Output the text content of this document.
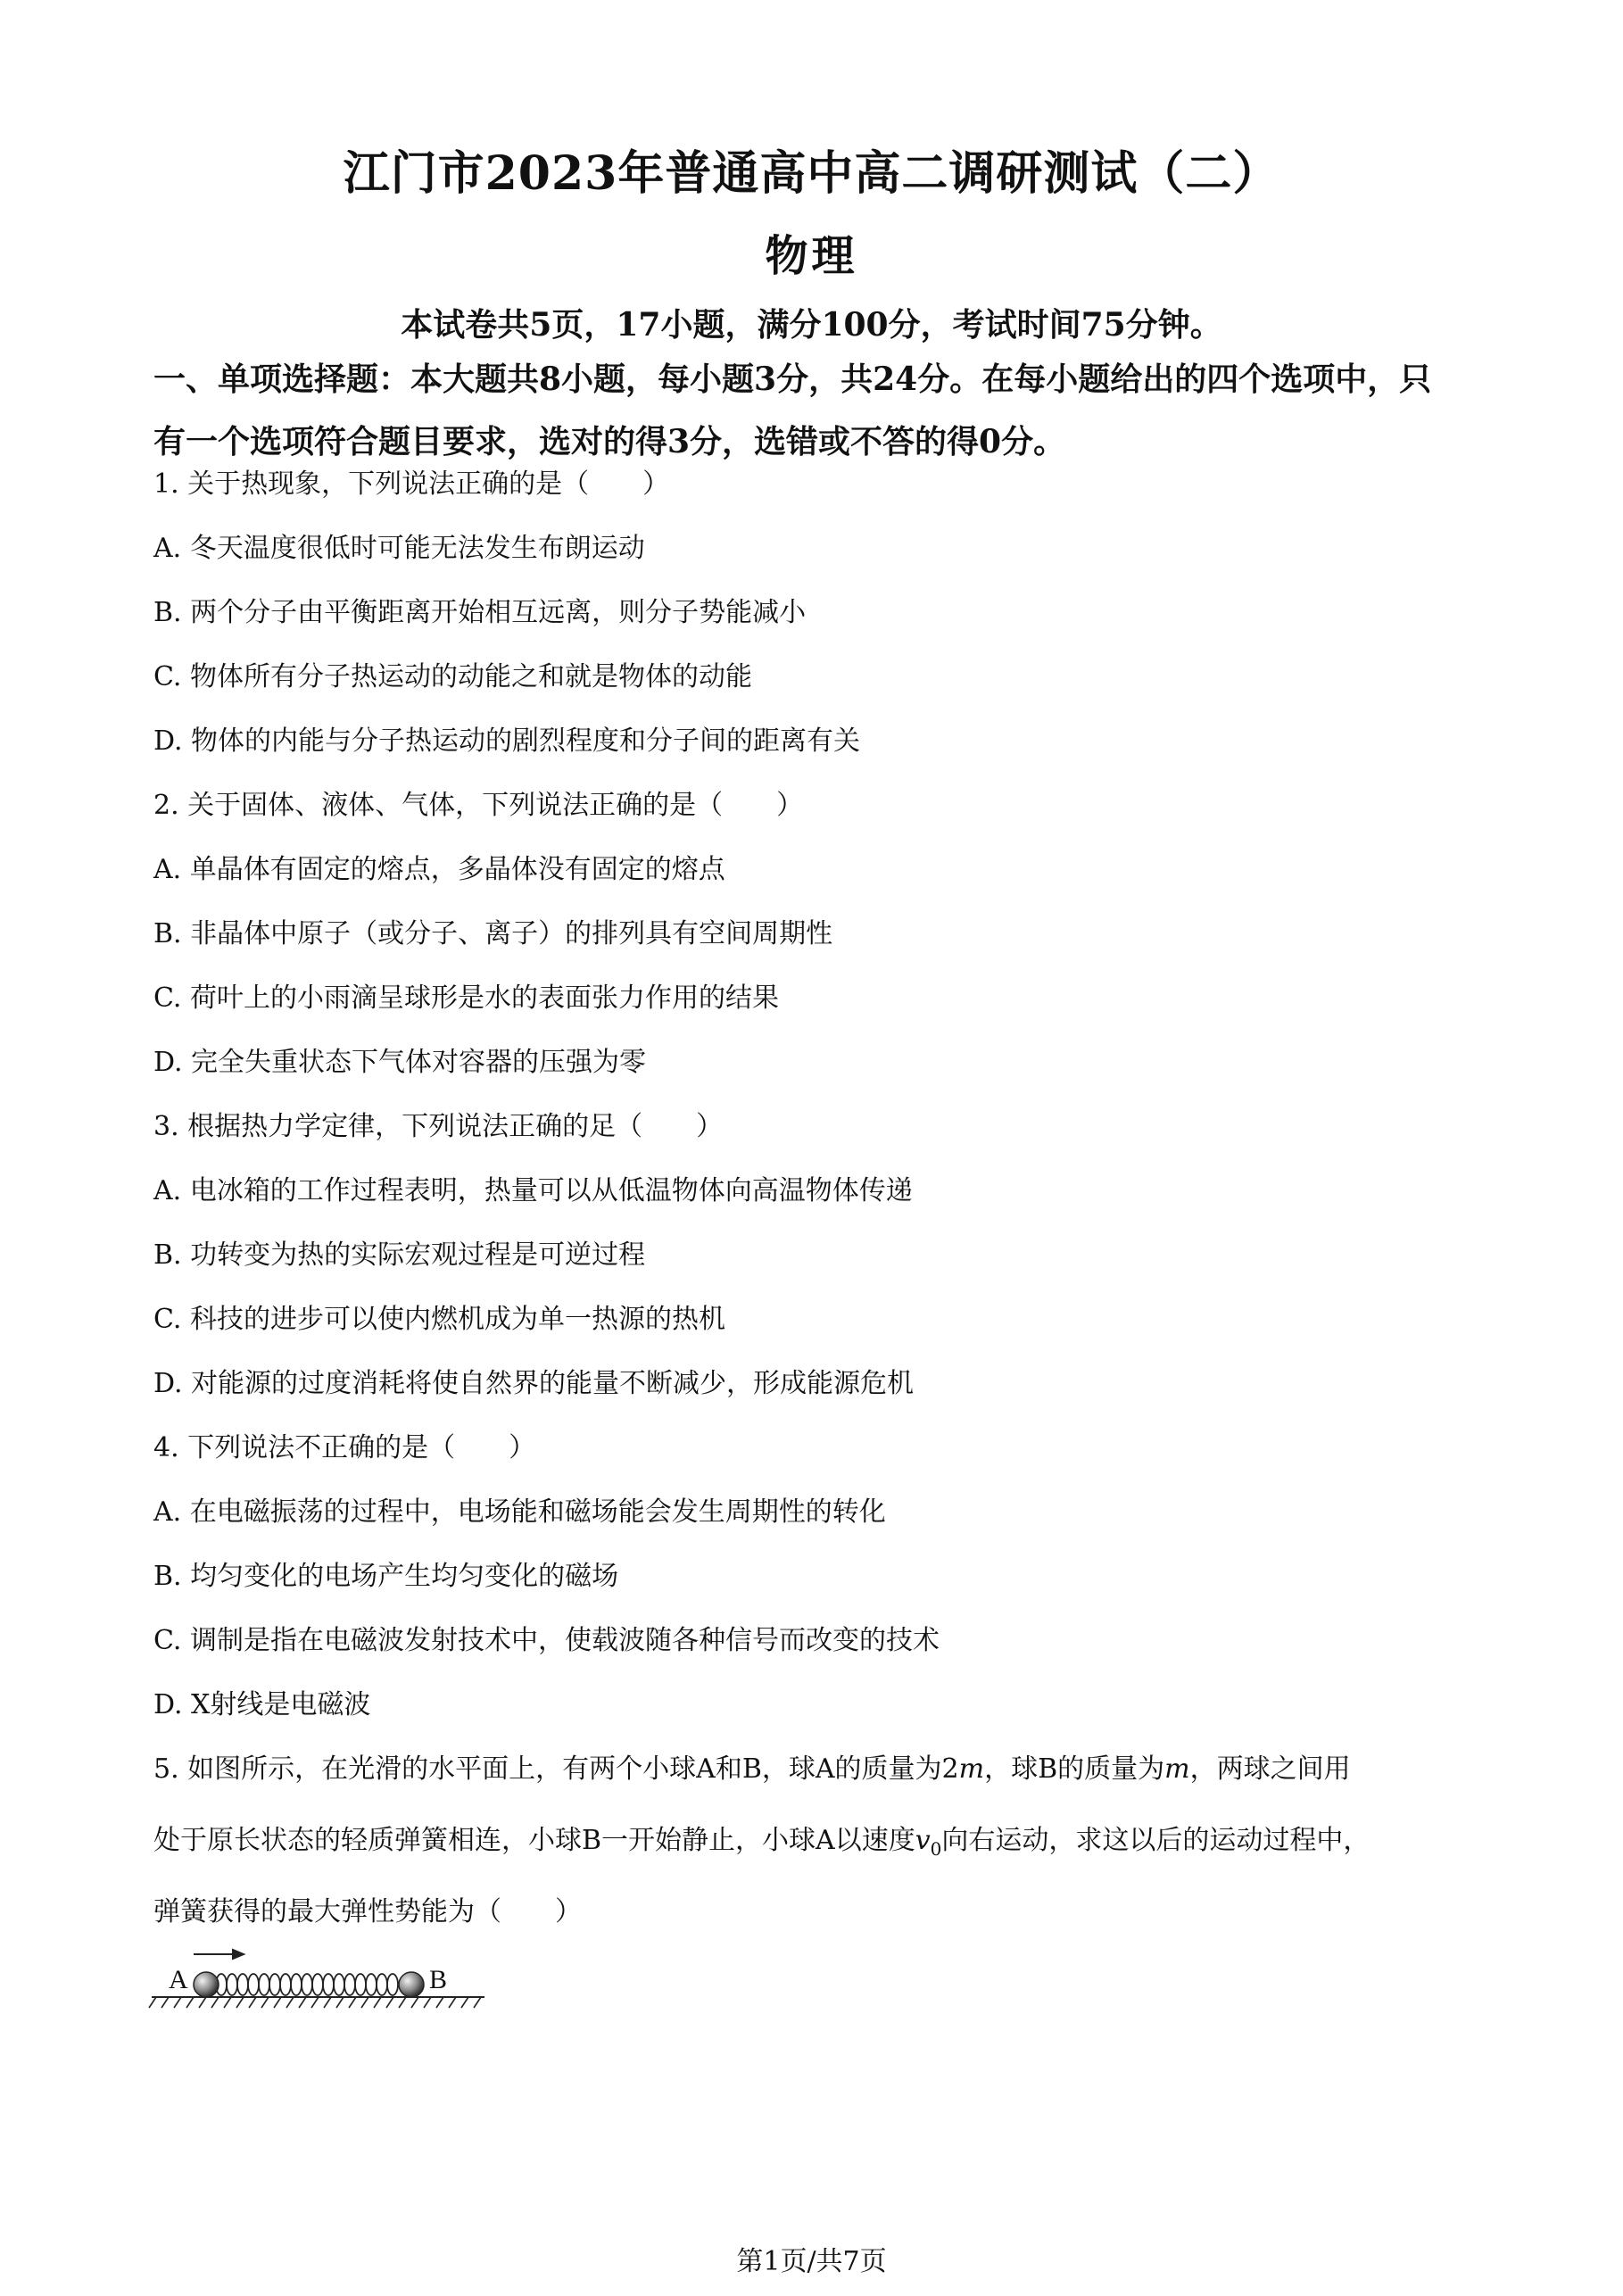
江门市2023年普通高中高二调研测试（二）
物理
本试卷共5页，17小题，满分100分，考试时间75分钟。
一、单项选择题：本大题共8小题，每小题3分，共24分。在每小题给出的四个选项中，只
有一个选项符合题目要求，选对的得3分，选错或不答的得0分。
1. 关于热现象，下列说法正确的是（　　）
A. 冬天温度很低时可能无法发生布朗运动
B. 两个分子由平衡距离开始相互远离，则分子势能减小
C. 物体所有分子热运动的动能之和就是物体的动能
D. 物体的内能与分子热运动的剧烈程度和分子间的距离有关
2. 关于固体、液体、气体，下列说法正确的是（　　）
A. 单晶体有固定的熔点，多晶体没有固定的熔点
B. 非晶体中原子（或分子、离子）的排列具有空间周期性
C. 荷叶上的小雨滴呈球形是水的表面张力作用的结果
D. 完全失重状态下气体对容器的压强为零
3. 根据热力学定律，下列说法正确的足（　　）
A. 电冰箱的工作过程表明，热量可以从低温物体向高温物体传递
B. 功转变为热的实际宏观过程是可逆过程
C. 科技的进步可以使内燃机成为单一热源的热机
D. 对能源的过度消耗将使自然界的能量不断减少，形成能源危机
4. 下列说法不正确的是（　　）
A. 在电磁振荡的过程中，电场能和磁场能会发生周期性的转化
B. 均匀变化的电场产生均匀变化的磁场
C. 调制是指在电磁波发射技术中，使载波随各种信号而改变的技术
D. X射线是电磁波
5. 如图所示，在光滑的水平面上，有两个小球A和B，球A的质量为2m，球B的质量为m，两球之间用
处于原长状态的轻质弹簧相连，小球B一开始静止，小球A以速度$v_0$向右运动，求这以后的运动过程中，
弹簧获得的最大弹性势能为（　　）
A	B
第1页/共7页
